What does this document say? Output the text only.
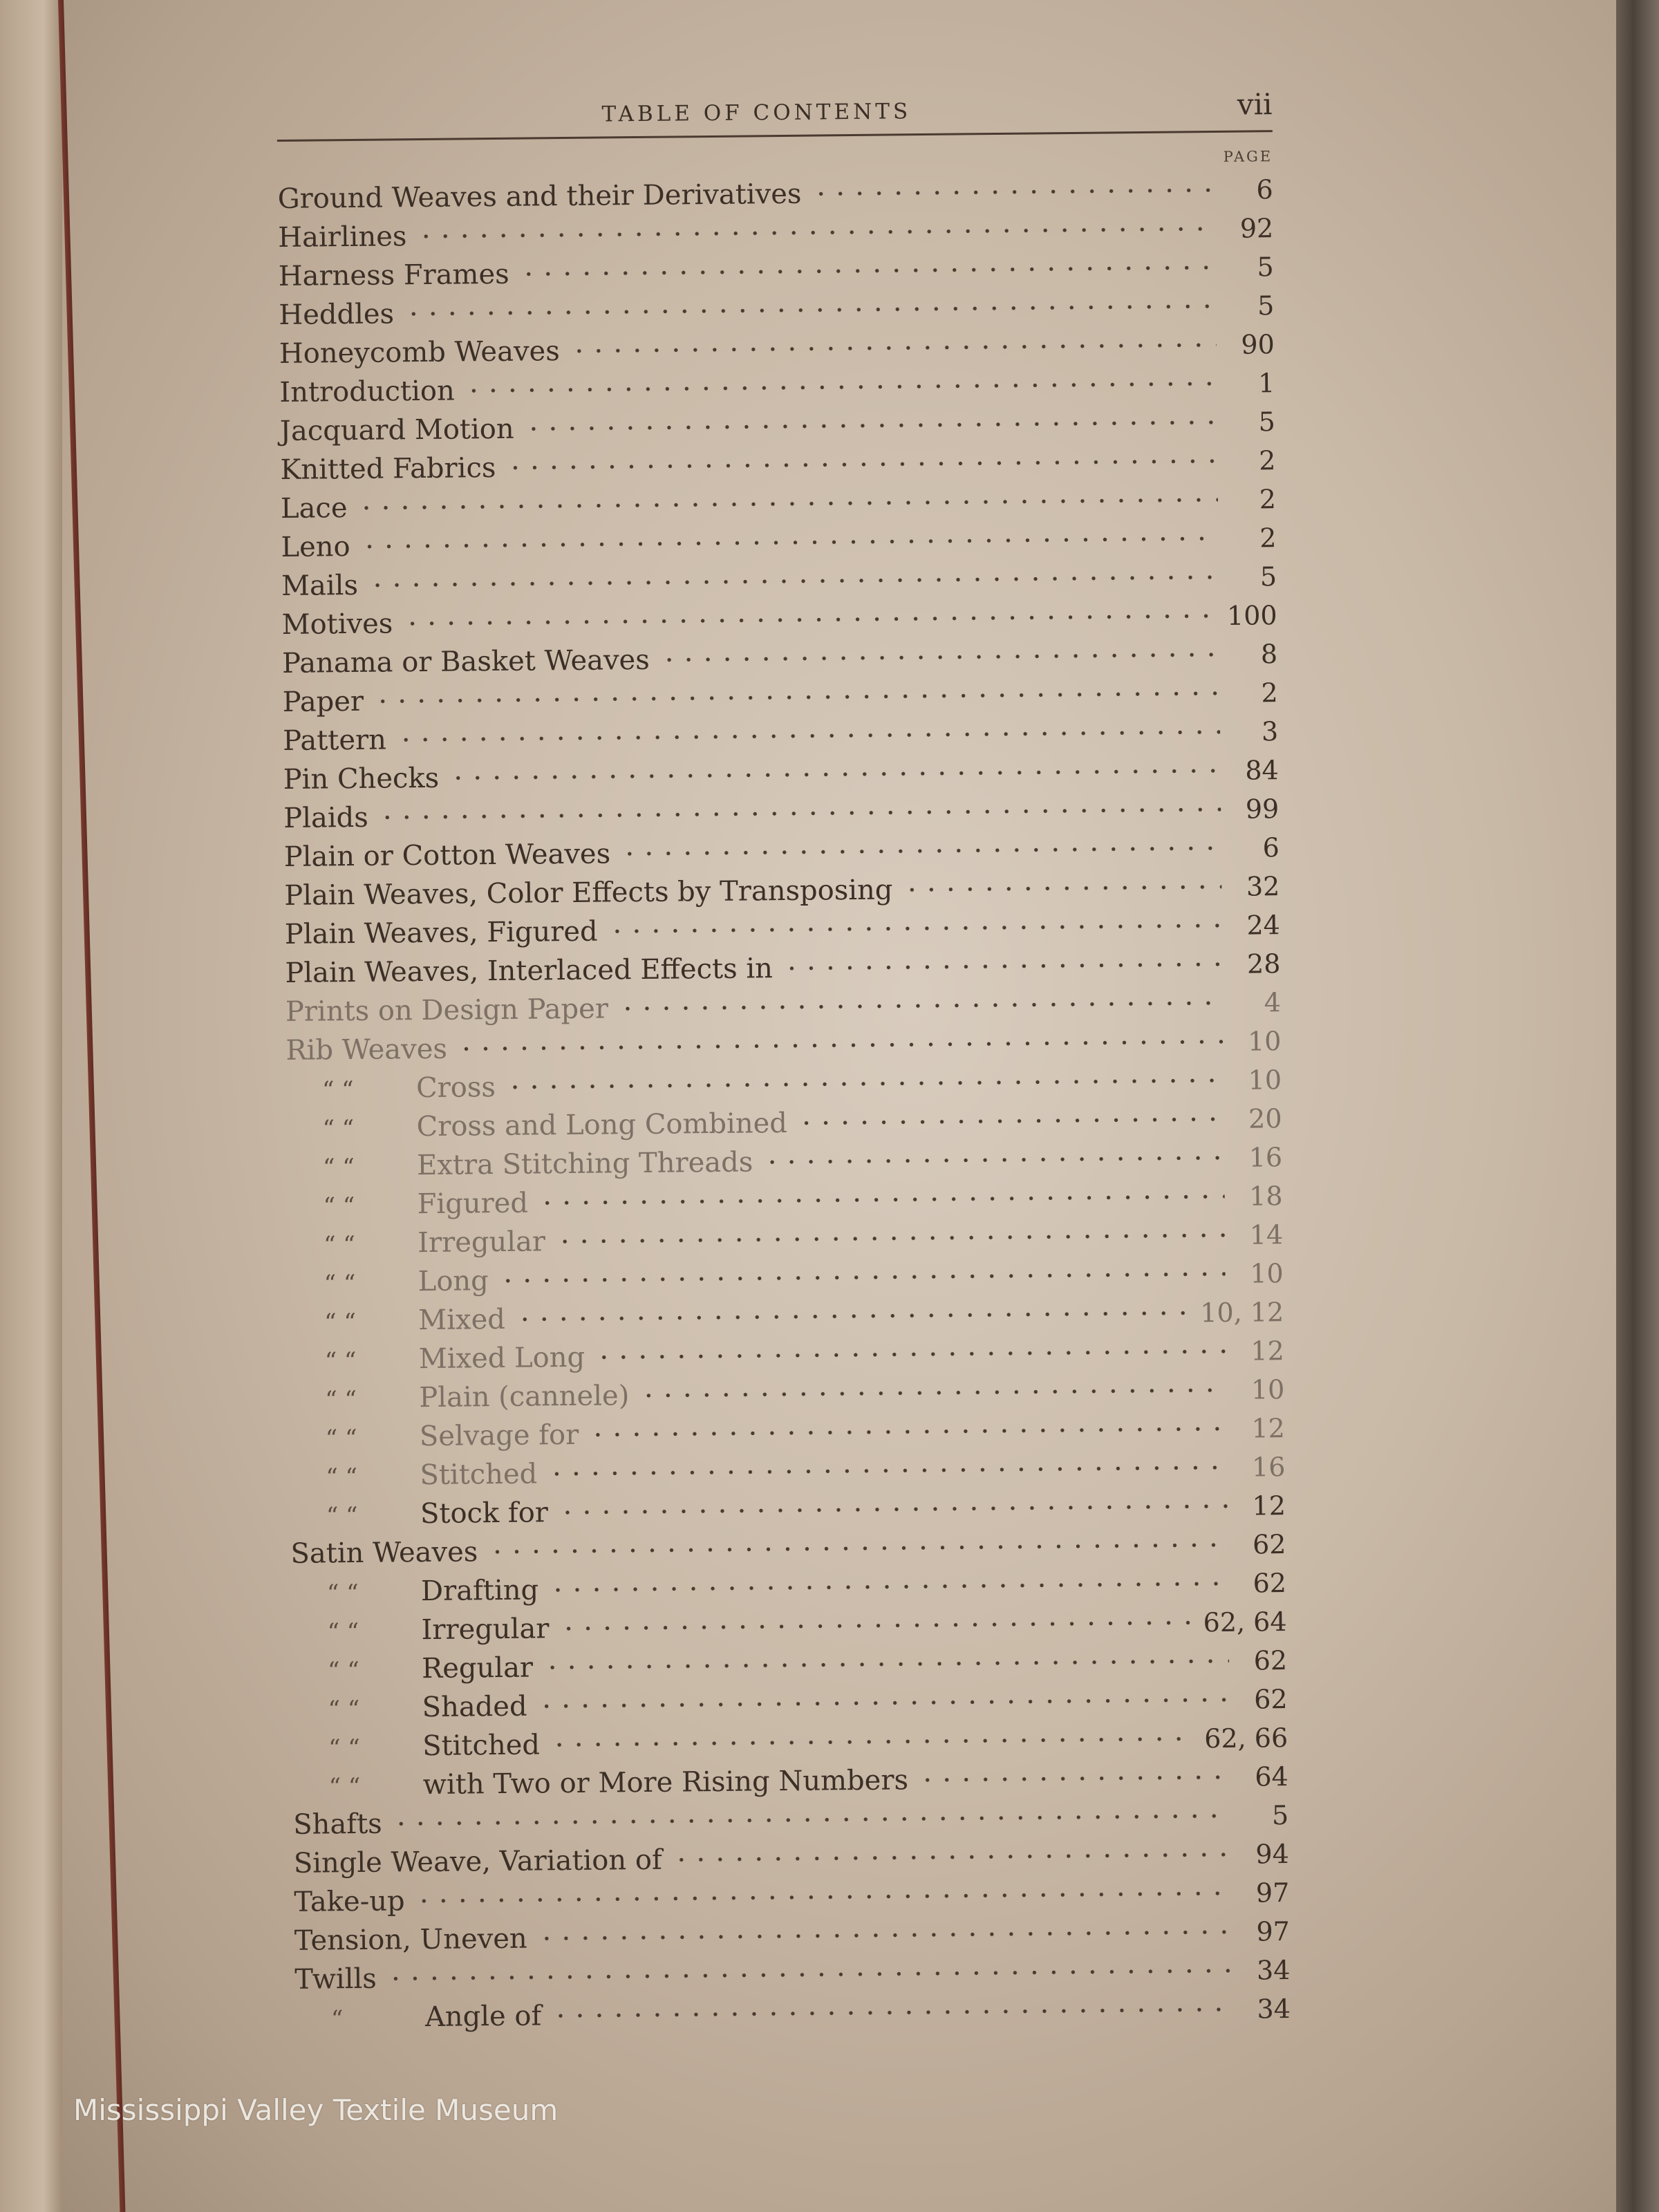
TABLE OF CONTENTS	vii
PAGE
Ground Weaves and their Derivatives	6
Hairlines	92
Harness Frames	5
Heddles	5
Honeycomb Weaves	90
Introduction	1
Jacquard Motion	5
Knitted Fabrics	2
Lace	2
Leno	2
Mails	5
Motives	100
Panama or Basket Weaves	8
Paper	2
Pattern	3
Pin Checks	84
Plaids	99
Plain or Cotton Weaves	6
Plain Weaves, Color Effects by Transposing	32
Plain Weaves, Figured	24
Plain Weaves, Interlaced Effects in	28
Prints on Design Paper	4
Rib Weaves	10
“ “	Cross	10
“ “	Cross and Long Combined	20
“ “	Extra Stitching Threads	16
“ “	Figured	18
“ “	Irregular	14
“ “	Long	10
“ “	Mixed	10, 12
“ “	Mixed Long	12
“ “	Plain (cannele)	10
“ “	Selvage for	12
“ “	Stitched	16
“ “	Stock for	12
Satin Weaves	62
“ “	Drafting	62
“ “	Irregular	62, 64
“ “	Regular	62
“ “	Shaded	62
“ “	Stitched	62, 66
“ “	with Two or More Rising Numbers	64
Shafts	5
Single Weave, Variation of	94
Take-up	97
Tension, Uneven	97
Twills	34
“	Angle of	34
Mississippi Valley Textile Museum
